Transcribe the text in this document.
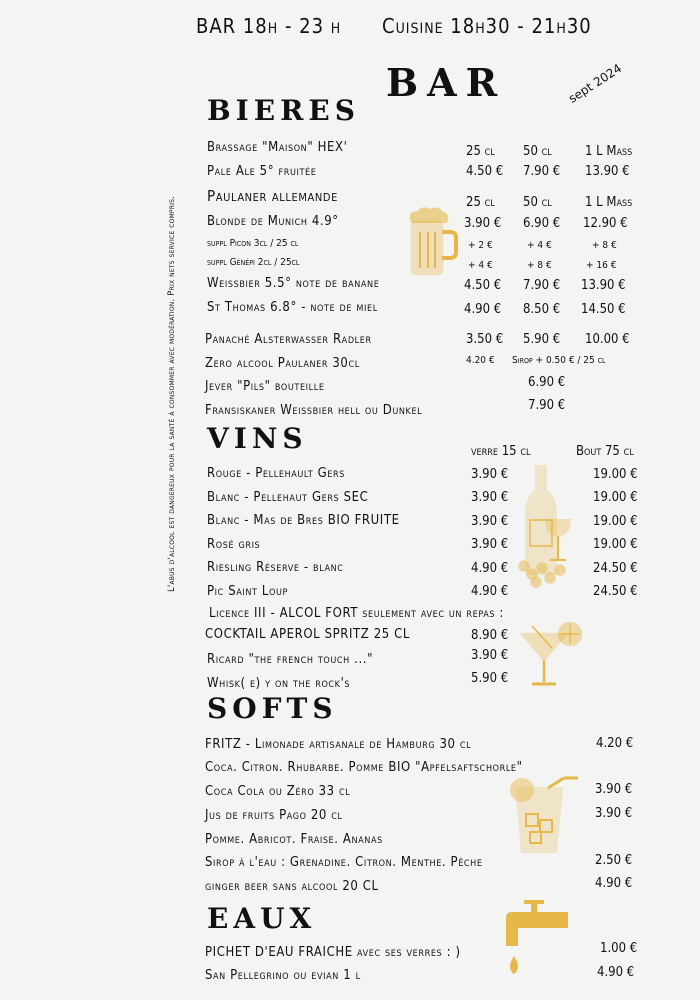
BAR 18h - 23 h Cuisine 18h30 - 21h30
BAR	sept 2024
L'abus d'alcool est dangereux pour la santé à consommer avec modération. Prix nets service compris.
BIERES
Brassage "Maison" HEX'	25 cl 50 cl	1 L Mass
Pale Ale 5° fruitée	4.50 € 7.90 € 13.90 €
Paulaner allemande	25 cl 50 cl	1 L Mass
Blonde de Munich 4.9°	3.90 € 6.90 € 12.90 €
suppl Picon 3cl / 25 cl	+ 2 €	+ 4 €	+ 8 €
suppl Génépi 2cl / 25cl	+ 4 €	+ 8 €	+ 16 €
Weissbier 5.5° note de banane	4.50 € 7.90 € 13.90 €
St Thomas 6.8° - note de miel	4.90 € 8.50 € 14.50 €
Panaché Alsterwasser Radler	3.50 € 5.90 € 10.00 €
Zero alcool Paulaner 30cl	4.20 € Sirop + 0.50 € / 25 cl
Jever "Pils" bouteille	6.90 €
Fransiskaner Weissbier hell ou Dunkel	7.90 €
VINS	verre 15 cl	Bout 75 cl
Rouge - Pellehault Gers	3.90 €	19.00 €
Blanc - Pellehaut Gers SEC	3.90 €	19.00 €
Blanc - Mas de Bres BIO FRUITE	3.90 €	19.00 €
Rosé gris	3.90 €	19.00 €
Riesling Réserve - blanc	4.90 €	24.50 €
Pic Saint Loup	4.90 €	24.50 €
Licence III - ALCOL FORT seulement avec un repas :
COCKTAIL APEROL SPRITZ 25 CL	8.90 €
Ricard "the french touch ..."	3.90 €
Whisk( e) y on the rock's	5.90 €
SOFTS
FRITZ - Limonade artisanale de Hamburg 30 cl	4.20 €
Coca. Citron. Rhubarbe. Pomme BIO "Apfelsaftschorle"
Coca Cola ou Zéro 33 cl	3.90 €
Jus de fruits Pago 20 cl	3.90 €
Pomme. Abricot. Fraise. Ananas
Sirop à l'eau : Grenadine. Citron. Menthe. Pêche	2.50 €
ginger beer sans alcool 20 CL	4.90 €
EAUX
PICHET D'EAU FRAICHE avec ses verres : )	1.00 €
San Pellegrino ou evian 1 l	4.90 €
